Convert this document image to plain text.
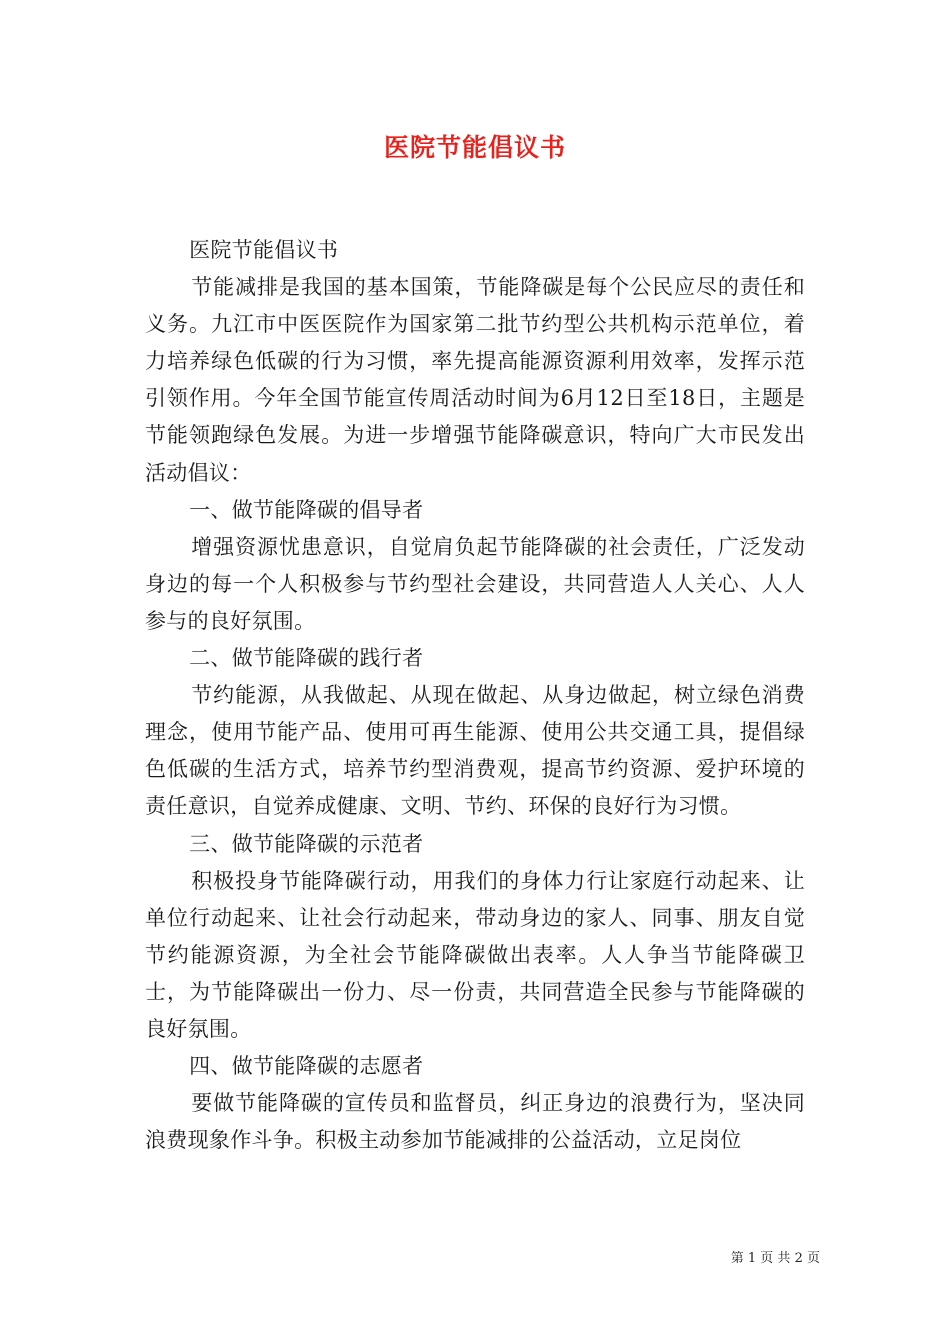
医院节能倡议书

医院节能倡议书

节能减排是我国的基本国策，节能降碳是每个公民应尽的责任和义务。九江市中医医院作为国家第二批节约型公共机构示范单位，着力培养绿色低碳的行为习惯，率先提高能源资源利用效率，发挥示范引领作用。今年全国节能宣传周活动时间为6月12日至18日，主题是节能领跑绿色发展。为进一步增强节能降碳意识，特向广大市民发出活动倡议：

一、做节能降碳的倡导者

增强资源忧患意识，自觉肩负起节能降碳的社会责任，广泛发动身边的每一个人积极参与节约型社会建设，共同营造人人关心、人人参与的良好氛围。

二、做节能降碳的践行者

节约能源，从我做起、从现在做起、从身边做起，树立绿色消费理念，使用节能产品、使用可再生能源、使用公共交通工具，提倡绿色低碳的生活方式，培养节约型消费观，提高节约资源、爱护环境的责任意识，自觉养成健康、文明、节约、环保的良好行为习惯。

三、做节能降碳的示范者

积极投身节能降碳行动，用我们的身体力行让家庭行动起来、让单位行动起来、让社会行动起来，带动身边的家人、同事、朋友自觉节约能源资源，为全社会节能降碳做出表率。人人争当节能降碳卫士，为节能降碳出一份力、尽一份责，共同营造全民参与节能降碳的良好氛围。

四、做节能降碳的志愿者

要做节能降碳的宣传员和监督员，纠正身边的浪费行为，坚决同浪费现象作斗争。积极主动参加节能减排的公益活动，立足岗位

第 1 页 共 2 页
